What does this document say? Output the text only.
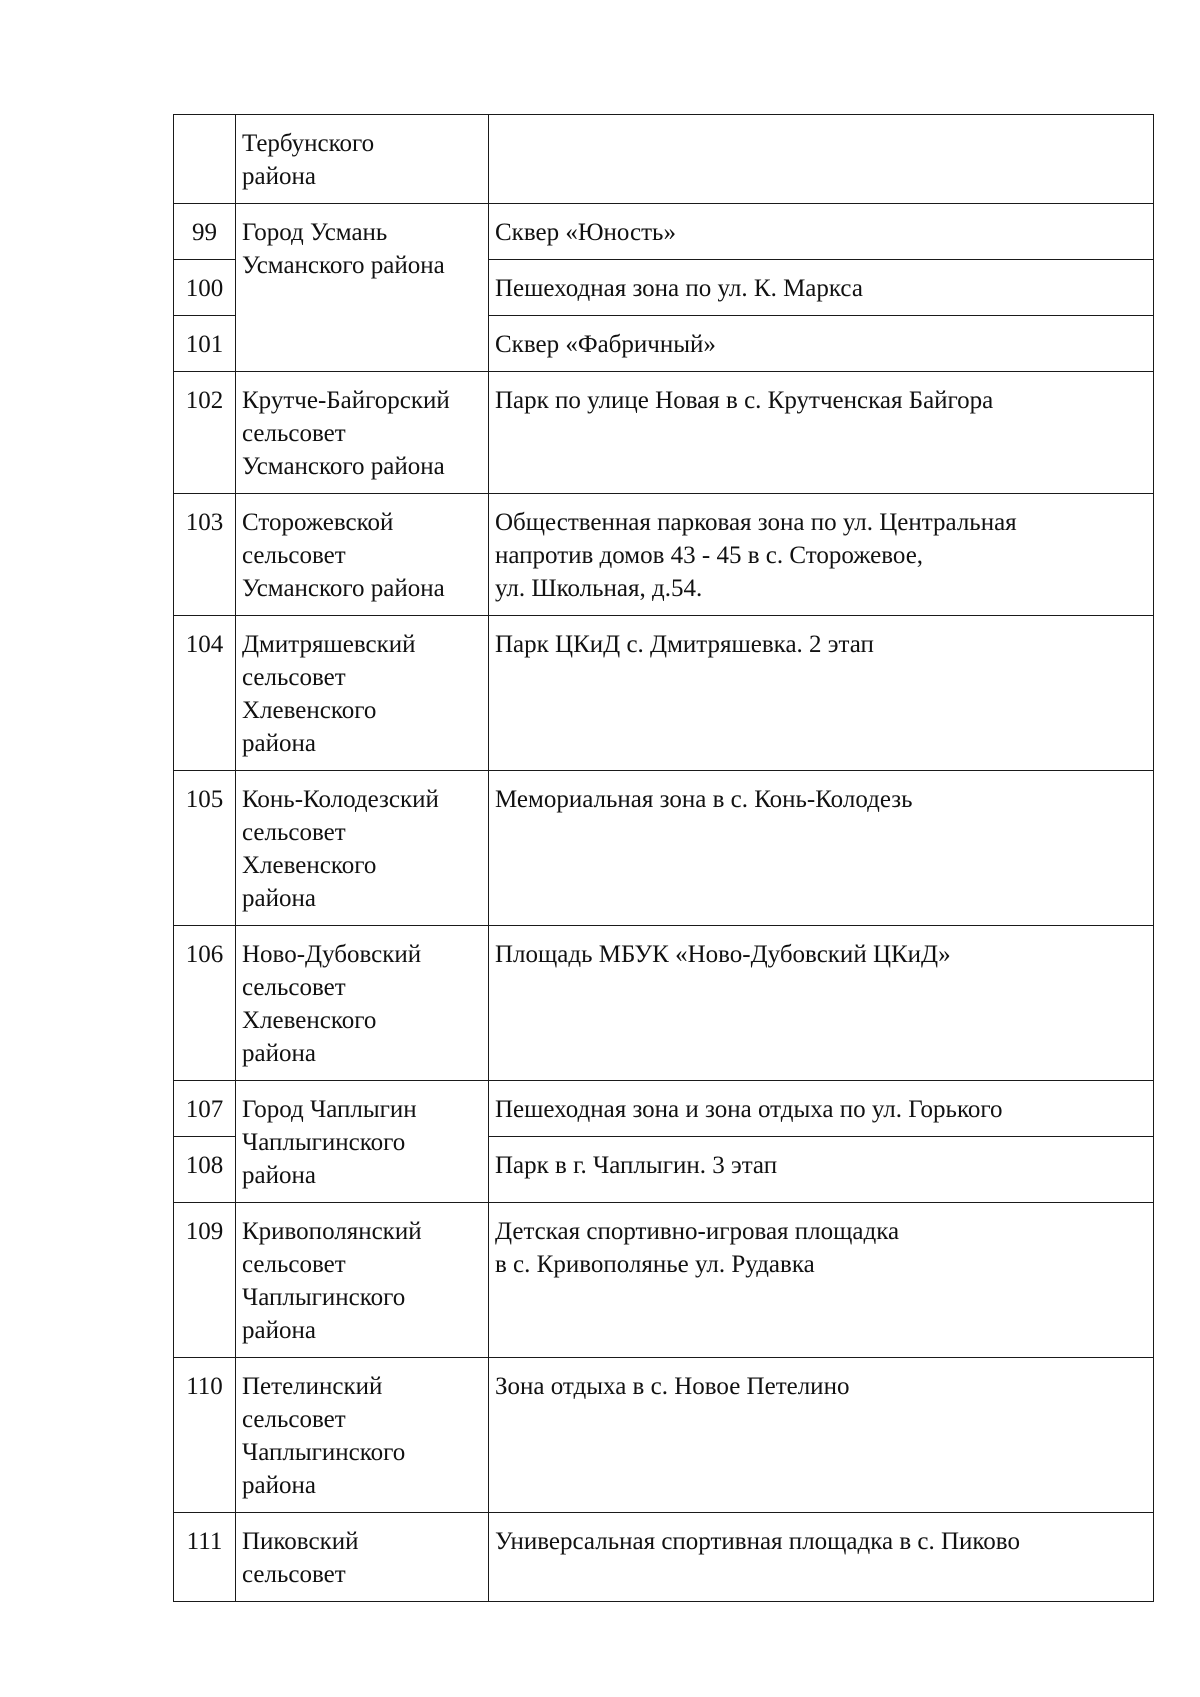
	Тербунского
района	
99	Город Усмань
Усманского района	Сквер «Юность»
100		Пешеходная зона по ул. К. Маркса
101		Сквер «Фабричный»
102	Крутче-Байгорский
сельсовет
Усманского района	Парк по улице Новая в с. Крутченская Байгора
103	Сторожевской
сельсовет
Усманского района	Общественная парковая зона по ул. Центральная
напротив домов 43 - 45 в с. Сторожевое,
ул. Школьная, д.54.
104	Дмитряшевский
сельсовет
Хлевенского
района	Парк ЦКиД с. Дмитряшевка. 2 этап
105	Конь-Колодезский
сельсовет
Хлевенского
района	Мемориальная зона в с. Конь-Колодезь
106	Ново-Дубовский
сельсовет
Хлевенского
района	Площадь МБУК «Ново-Дубовский ЦКиД»
107	Город Чаплыгин
Чаплыгинского
района	Пешеходная зона и зона отдыха по ул. Горького
108		Парк в г. Чаплыгин. 3 этап
109	Кривополянский
сельсовет
Чаплыгинского
района	Детская спортивно-игровая площадка
в с. Кривополянье ул. Рудавка
110	Петелинский
сельсовет
Чаплыгинского
района	Зона отдыха в с. Новое Петелино
111	Пиковский
сельсовет	Универсальная спортивная площадка в с. Пиково
